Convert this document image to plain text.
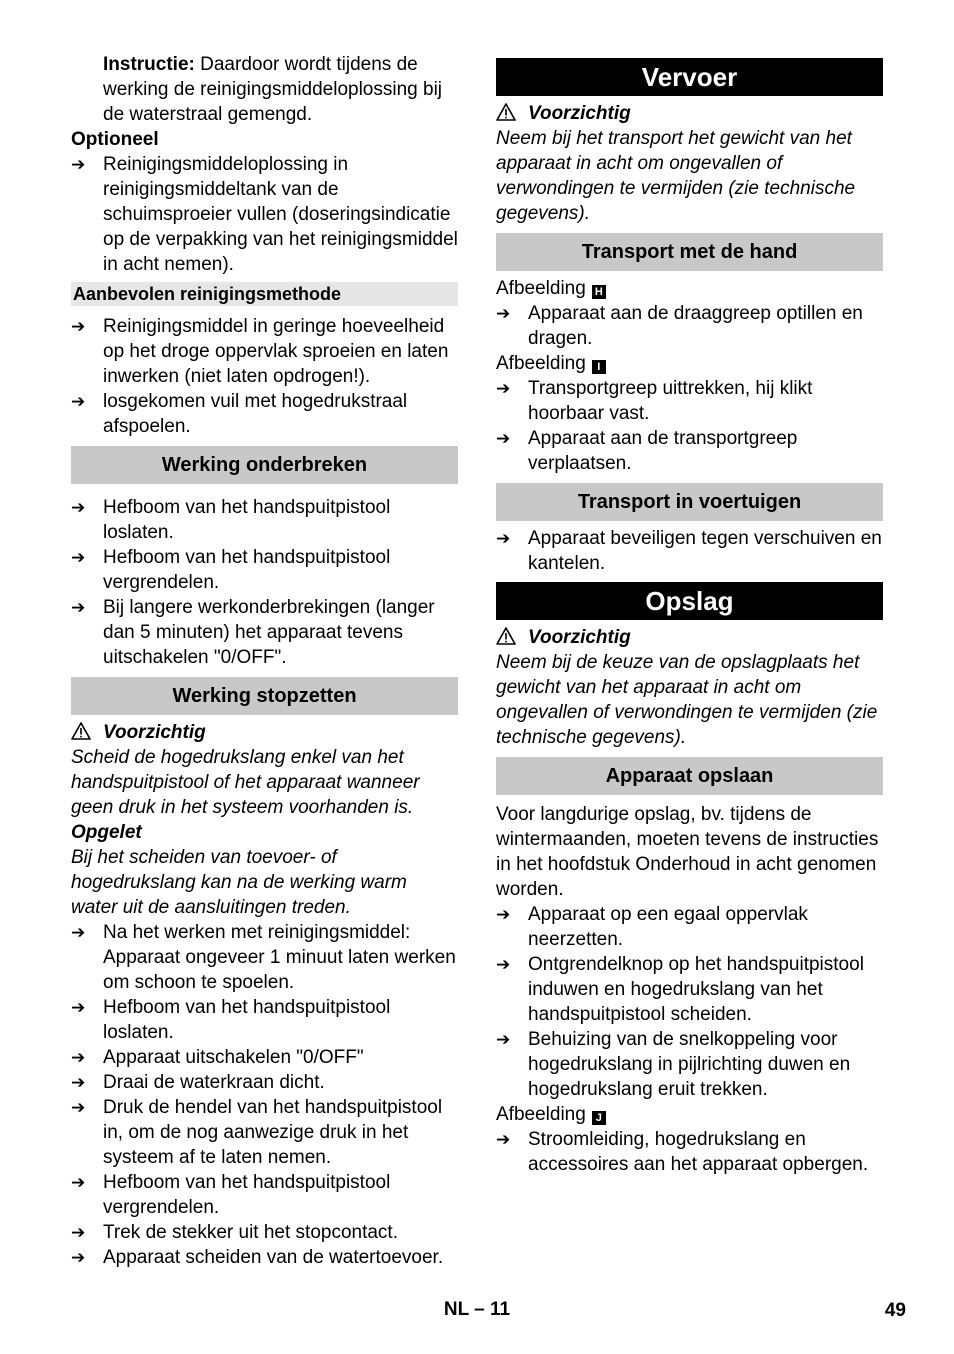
Instructie: Daardoor wordt tijdens de werking de reinigingsmiddeloplossing bij de waterstraal gemengd.

Optioneel

➔ Reinigingsmiddeloplossing in reinigingsmiddeltank van de schuimsproeier vullen (doseringsindicatie op de verpakking van het reinigingsmiddel in acht nemen).
Aanbevolen reinigingsmethode
➔ Reinigingsmiddel in geringe hoeveelheid op het droge oppervlak sproeien en laten inwerken (niet laten opdrogen!).
➔ losgekomen vuil met hogedrukstraal afspoelen.
Werking onderbreken
➔ Hefboom van het handspuitpistool loslaten.
➔ Hefboom van het handspuitpistool vergrendelen.
➔ Bij langere werkonderbrekingen (langer dan 5 minuten) het apparaat tevens uitschakelen "0/OFF".
Werking stopzetten

Voorzichtig

Scheid de hogedrukslang enkel van het handspuitpistool of het apparaat wanneer geen druk in het systeem voorhanden is.

Opgelet

Bij het scheiden van toevoer- of hogedrukslang kan na de werking warm water uit de aansluitingen treden.

➔ Na het werken met reinigingsmiddel: Apparaat ongeveer 1 minuut laten werken om schoon te spoelen.
➔ Hefboom van het handspuitpistool loslaten.
➔ Apparaat uitschakelen "0/OFF"
➔ Draai de waterkraan dicht.
➔ Druk de hendel van het handspuitpistool in, om de nog aanwezige druk in het systeem af te laten nemen.
➔ Hefboom van het handspuitpistool vergrendelen.
➔ Trek de stekker uit het stopcontact.
➔ Apparaat scheiden van de watertoevoer.
Vervoer

Voorzichtig

Neem bij het transport het gewicht van het apparaat in acht om ongevallen of verwondingen te vermijden (zie technische gegevens).

Transport met de hand

Afbeelding H

➔ Apparaat aan de draaggreep optillen en dragen.

Afbeelding I

➔ Transportgreep uittrekken, hij klikt hoorbaar vast.
➔ Apparaat aan de transportgreep verplaatsen.
Transport in voertuigen
➔ Apparaat beveiligen tegen verschuiven en kantelen.
Opslag

Voorzichtig

Neem bij de keuze van de opslagplaats het gewicht van het apparaat in acht om ongevallen of verwondingen te vermijden (zie technische gegevens).

Apparaat opslaan

Voor langdurige opslag, bv. tijdens de wintermaanden, moeten tevens de instructies in het hoofdstuk Onderhoud in acht genomen worden.

➔ Apparaat op een egaal oppervlak neerzetten.
➔ Ontgrendelknop op het handspuitpistool induwen en hogedrukslang van het handspuitpistool scheiden.
➔ Behuizing van de snelkoppeling voor hogedrukslang in pijlrichting duwen en hogedrukslang eruit trekken.

Afbeelding J

➔ Stroomleiding, hogedrukslang en accessoires aan het apparaat opbergen.
NL – 11	49
